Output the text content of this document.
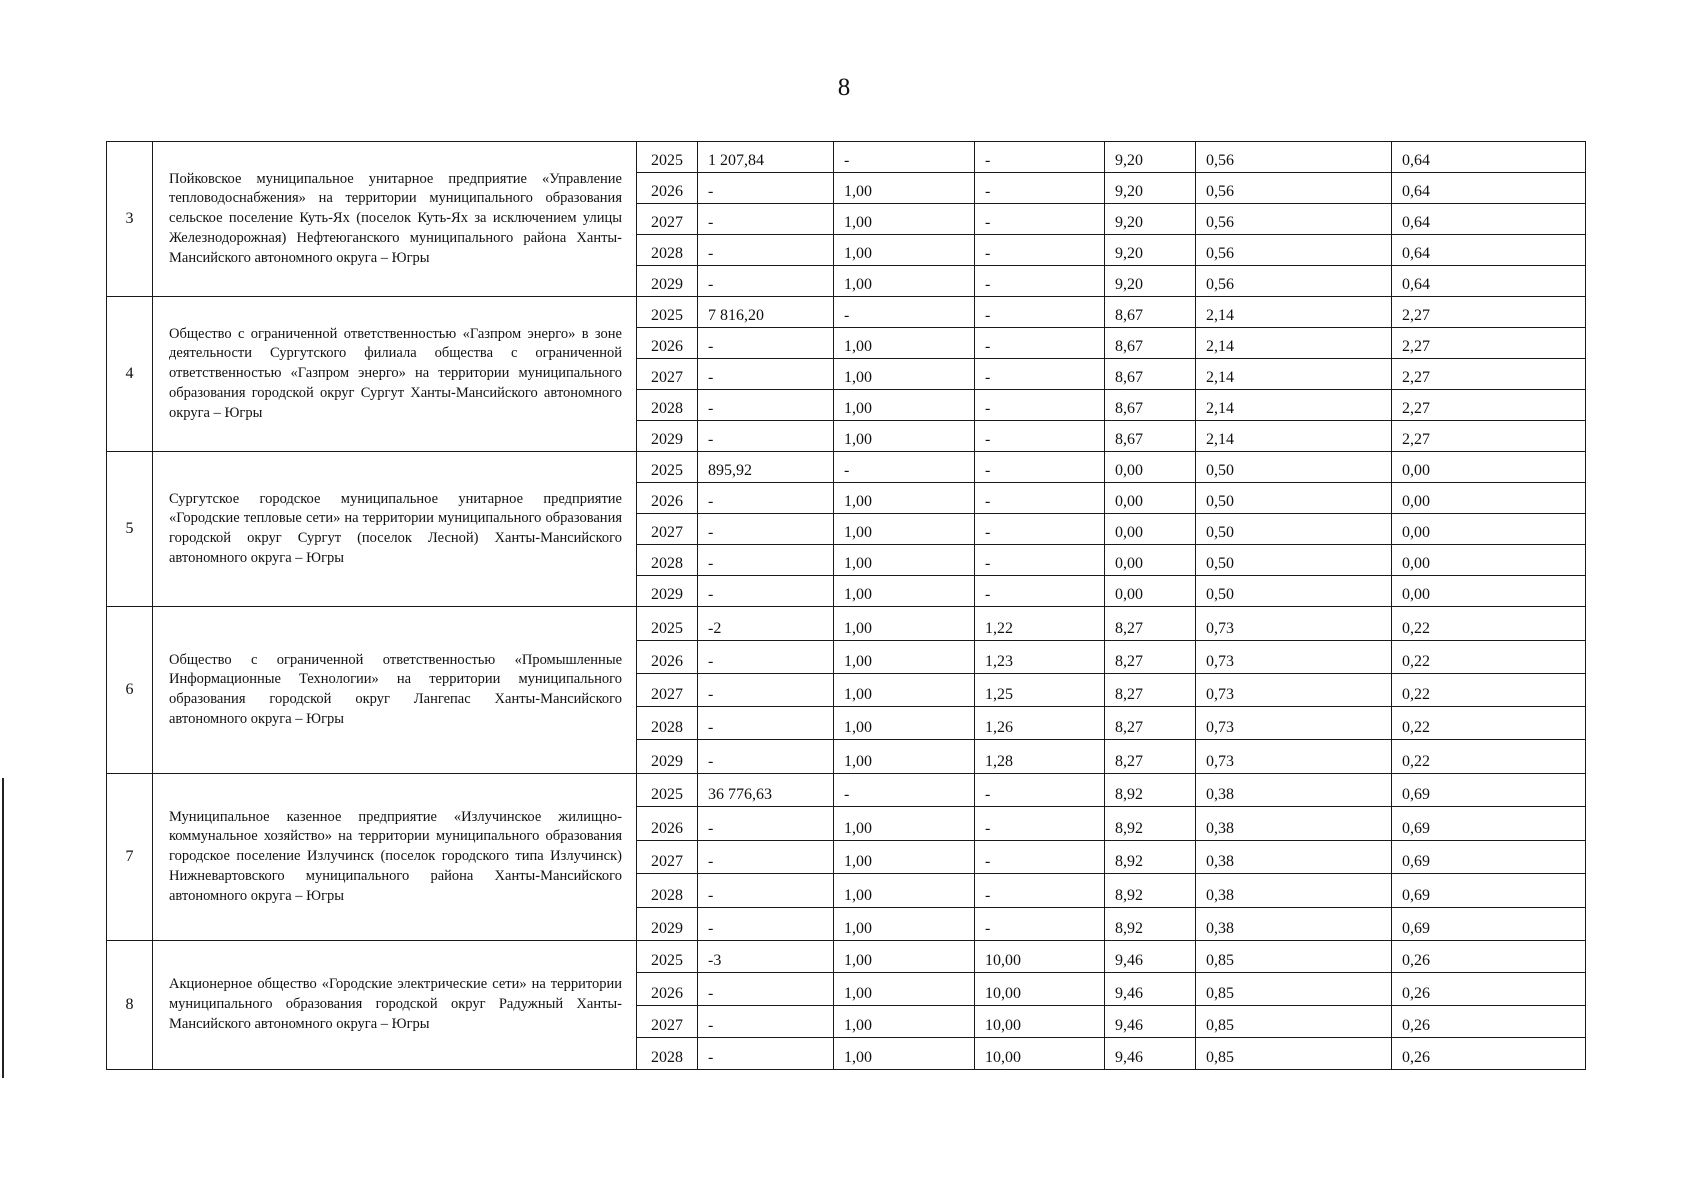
8
3	Пойковское муниципальное унитарное предприятие «Управление тепловодоснабжения» на территории муниципального образования сельское поселение Куть-Ях (поселок Куть-Ях за исключением улицы Железнодорожная) Нефтеюганского муниципального района Ханты-Мансийского автономного округа – Югры	2025	1 207,84	-	-	9,20	0,56	0,64
		2026	-	1,00	-	9,20	0,56	0,64
		2027	-	1,00	-	9,20	0,56	0,64
		2028	-	1,00	-	9,20	0,56	0,64
		2029	-	1,00	-	9,20	0,56	0,64
4	Общество с ограниченной ответственностью «Газпром энерго» в зоне деятельности Сургутского филиала общества с ограниченной ответственностью «Газпром энерго» на территории муниципального образования городской округ Сургут Ханты-Мансийского автономного округа – Югры	2025	7 816,20	-	-	8,67	2,14	2,27
		2026	-	1,00	-	8,67	2,14	2,27
		2027	-	1,00	-	8,67	2,14	2,27
		2028	-	1,00	-	8,67	2,14	2,27
		2029	-	1,00	-	8,67	2,14	2,27
5	Сургутское городское муниципальное унитарное предприятие «Городские тепловые сети» на территории муниципального образования городской округ Сургут (поселок Лесной) Ханты-Мансийского автономного округа – Югры	2025	895,92	-	-	0,00	0,50	0,00
		2026	-	1,00	-	0,00	0,50	0,00
		2027	-	1,00	-	0,00	0,50	0,00
		2028	-	1,00	-	0,00	0,50	0,00
		2029	-	1,00	-	0,00	0,50	0,00
6	Общество с ограниченной ответственностью «Промышленные Информационные Технологии» на территории муниципального образования городской округ Лангепас Ханты-Мансийского автономного округа – Югры	2025	-2	1,00	1,22	8,27	0,73	0,22
		2026	-	1,00	1,23	8,27	0,73	0,22
		2027	-	1,00	1,25	8,27	0,73	0,22
		2028	-	1,00	1,26	8,27	0,73	0,22
		2029	-	1,00	1,28	8,27	0,73	0,22
7	Муниципальное казенное предприятие «Излучинское жилищно-коммунальное хозяйство» на территории муниципального образования городское поселение Излучинск (поселок городского типа Излучинск) Нижневартовского муниципального района Ханты-Мансийского автономного округа – Югры	2025	36 776,63	-	-	8,92	0,38	0,69
		2026	-	1,00	-	8,92	0,38	0,69
		2027	-	1,00	-	8,92	0,38	0,69
		2028	-	1,00	-	8,92	0,38	0,69
		2029	-	1,00	-	8,92	0,38	0,69
8	Акционерное общество «Городские электрические сети» на территории муниципального образования городской округ Радужный Ханты-Мансийского автономного округа – Югры	2025	-3	1,00	10,00	9,46	0,85	0,26
		2026	-	1,00	10,00	9,46	0,85	0,26
		2027	-	1,00	10,00	9,46	0,85	0,26
		2028	-	1,00	10,00	9,46	0,85	0,26
